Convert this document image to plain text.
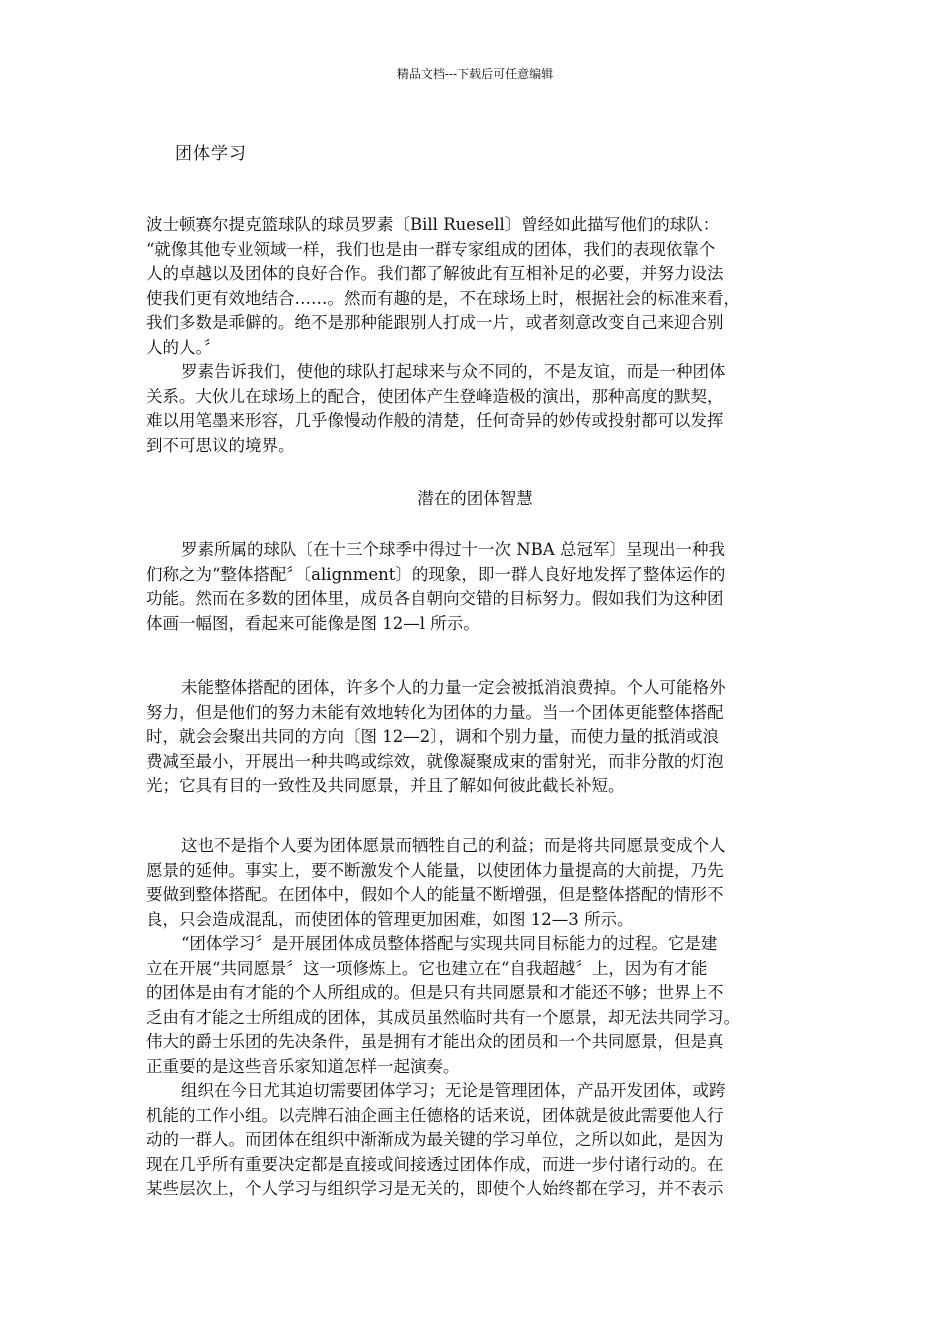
精品文档---下载后可任意编辑
团体学习
波士顿赛尔提克篮球队的球员罗素〔Bill Ruesell〕曾经如此描写他们的球队：
“就像其他专业领域一样，我们也是由一群专家组成的团体，我们的表现依靠个
人的卓越以及团体的良好合作。我们都了解彼此有互相补足的必要，并努力设法
使我们更有效地结合……。然而有趣的是，不在球场上时，根据社会的标准来看，
我们多数是乖僻的。绝不是那种能跟别人打成一片，或者刻意改变自己来迎合别
人的人。〞
罗素告诉我们，使他的球队打起球来与众不同的，不是友谊，而是一种团体
关系。大伙儿在球场上的配合，使团体产生登峰造极的演出，那种高度的默契，
难以用笔墨来形容，几乎像慢动作般的清楚，任何奇异的妙传或投射都可以发挥
到不可思议的境界。
潜在的团体智慧
罗素所属的球队〔在十三个球季中得过十一次 NBA 总冠军〕呈现出一种我
们称之为“整体搭配〞〔alignment〕的现象，即一群人良好地发挥了整体运作的
功能。然而在多数的团体里，成员各自朝向交错的目标努力。假如我们为这种团
体画一幅图，看起来可能像是图 12—l 所示。
未能整体搭配的团体，许多个人的力量一定会被抵消浪费掉。个人可能格外
努力，但是他们的努力未能有效地转化为团体的力量。当一个团体更能整体搭配
时，就会会聚出共同的方向〔图 12—2〕，调和个别力量，而使力量的抵消或浪
费减至最小，开展出一种共鸣或综效，就像凝聚成束的雷射光，而非分散的灯泡
光；它具有目的一致性及共同愿景，并且了解如何彼此截长补短。
这也不是指个人要为团体愿景而牺牲自己的利益；而是将共同愿景变成个人
愿景的延伸。事实上，要不断激发个人能量，以使团体力量提高的大前提，乃先
要做到整体搭配。在团体中，假如个人的能量不断增强，但是整体搭配的情形不
良，只会造成混乱，而使团体的管理更加困难，如图 12—3 所示。
“团体学习〞是开展团体成员整体搭配与实现共同目标能力的过程。它是建
立在开展“共同愿景〞这一项修炼上。它也建立在“自我超越〞上，因为有才能
的团体是由有才能的个人所组成的。但是只有共同愿景和才能还不够；世界上不
乏由有才能之士所组成的团体，其成员虽然临时共有一个愿景，却无法共同学习。
伟大的爵士乐团的先决条件，虽是拥有才能出众的团员和一个共同愿景，但是真
正重要的是这些音乐家知道怎样一起演奏。
组织在今日尤其迫切需要团体学习；无论是管理团体，产品开发团体，或跨
机能的工作小组。以壳牌石油企画主任德格的话来说，团体就是彼此需要他人行
动的一群人。而团体在组织中渐渐成为最关键的学习单位，之所以如此，是因为
现在几乎所有重要决定都是直接或间接透过团体作成，而进一步付诸行动的。在
某些层次上，个人学习与组织学习是无关的，即使个人始终都在学习，并不表示
